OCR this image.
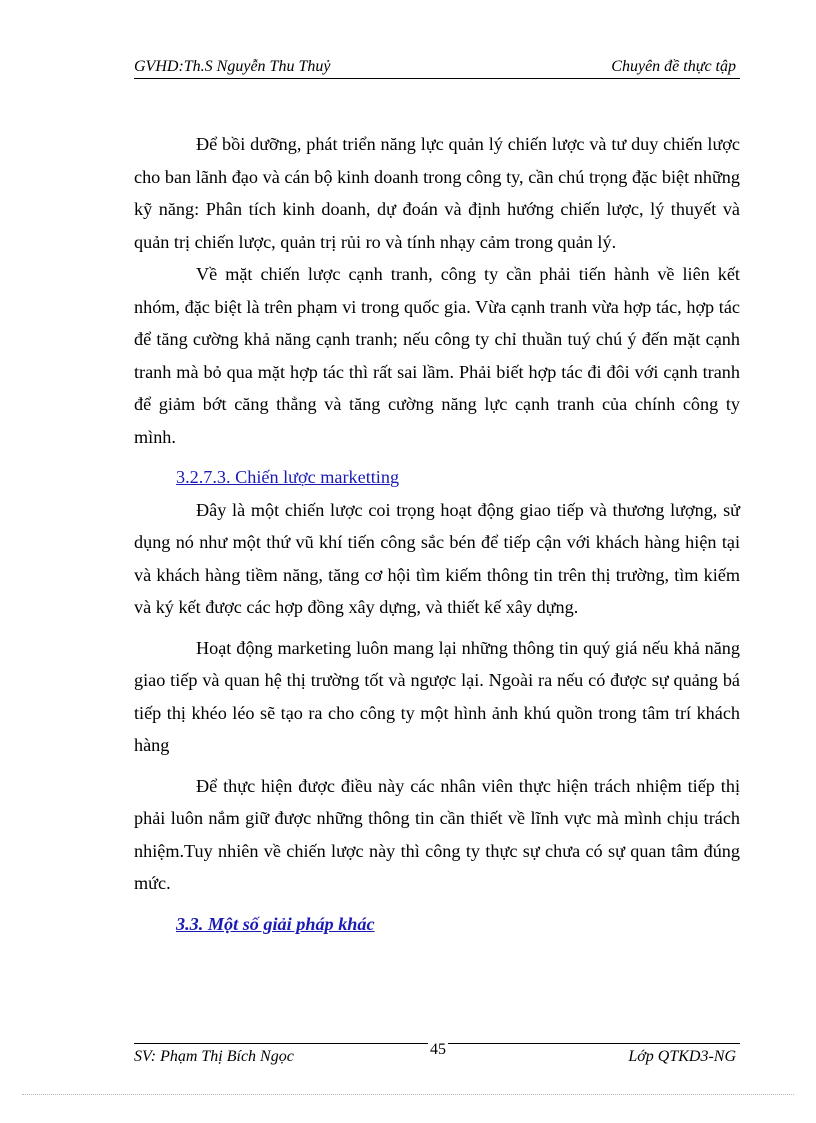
GVHD:Th.S Nguyễn Thu Thuỷ	Chuyên đề thực tập

Để bồi dưỡng, phát triển năng lực quản lý chiến lược và tư duy chiến lược cho ban lãnh đạo và cán bộ kinh doanh trong công ty, cần chú trọng đặc biệt những kỹ năng: Phân tích kinh doanh, dự đoán và định hướng chiến lược, lý thuyết và quản trị chiến lược, quản trị rủi ro và tính nhạy cảm trong quản lý.

Về mặt chiến lược cạnh tranh, công ty cần phải tiến hành về liên kết nhóm, đặc biệt là trên phạm vi trong quốc gia. Vừa cạnh tranh vừa hợp tác, hợp tác để tăng cường khả năng cạnh tranh; nếu công ty chỉ thuần tuý chú ý đến mặt cạnh tranh mà bỏ qua mặt hợp tác thì rất sai lầm. Phải biết hợp tác đi đôi với cạnh tranh để giảm bớt căng thẳng và tăng cường năng lực cạnh tranh của chính công ty mình.

3.2.7.3. Chiến lược marketting

Đây là một chiến lược coi trọng hoạt động giao tiếp và thương lượng, sử dụng nó như một thứ vũ khí tiến công sắc bén để tiếp cận với khách hàng hiện tại và khách hàng tiềm năng, tăng cơ hội tìm kiếm thông tin trên thị trường, tìm kiếm và ký kết được các hợp đồng xây dựng, và thiết kế xây dựng.

Hoạt động marketing luôn mang lại những thông tin quý giá nếu khả năng giao tiếp và quan hệ thị trường tốt và ngược lại. Ngoài ra nếu có được sự quảng bá tiếp thị khéo léo sẽ tạo ra cho công ty một hình ảnh khú quồn trong tâm trí khách hàng

Để thực hiện được điều này các nhân viên thực hiện trách nhiệm tiếp thị phải luôn nắm giữ được những thông tin cần thiết về lĩnh vực mà mình chịu trách nhiệm.Tuy nhiên về chiến lược này thì công ty thực sự chưa có sự quan tâm đúng mức.

3.3. Một số giải pháp khác
SV: Phạm Thị Bích Ngọc	45	Lớp QTKD3-NG
